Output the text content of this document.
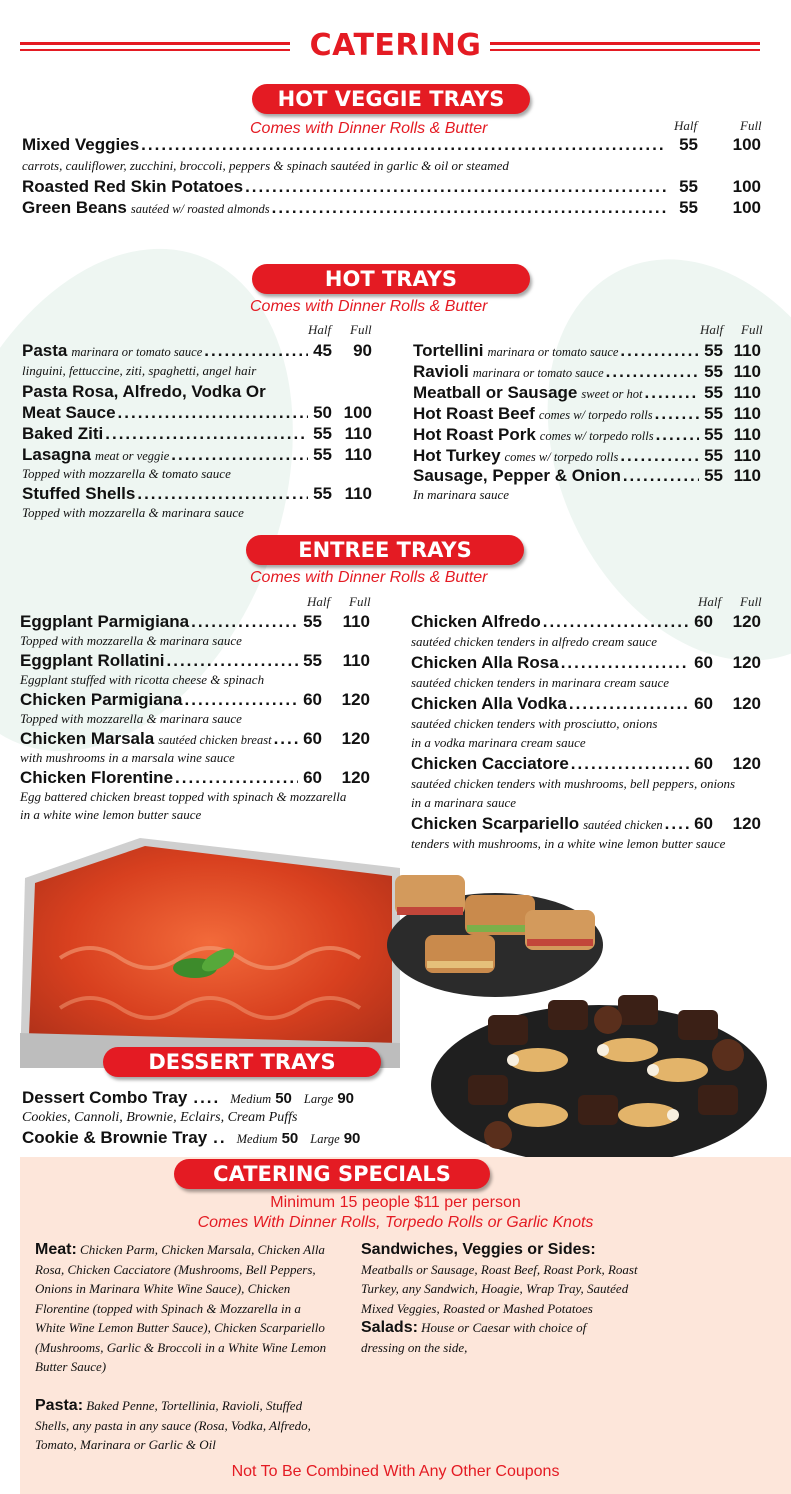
CATERING
HOT VEGGIE TRAYS
Comes with Dinner Rolls & Butter	Half	Full
Mixed Veggies .....	55	100
carrots, cauliflower, zucchini, broccoli, peppers & spinach sautéed in garlic & oil or steamed
Roasted Red Skin Potatoes .....	55	100
Green Beans sautéed w/ roasted almonds .....	55	100
HOT TRAYS
Comes with Dinner Rolls & Butter
Half Full	Half Full
Pasta marinara or tomato sauce .....	45	90
linguini, fettuccine, ziti, spaghetti, angel hair
Pasta Rosa, Alfredo, Vodka Or
Meat Sauce .....	50 100
Baked Ziti .....	55 110
Lasagna meat or veggie .....	55 110
Topped with mozzarella & tomato sauce
Stuffed Shells .....	55 110
Topped with mozzarella & marinara sauce
In marinara sauce
ENTREE TRAYS
Comes with Dinner Rolls & Butter
Half Full	Half Full
DESSERT TRAYS
Dessert Combo Tray .... Medium 50 Large 90
Cookies, Cannoli, Brownie, Eclairs, Cream Puffs
Cookie & Brownie Tray .. Medium 50 Large 90
CATERING SPECIALS
Minimum 15 people $11 per person
Comes With Dinner Rolls, Torpedo Rolls or Garlic Knots
Meat: Chicken Parm, Chicken Marsala, Chicken Alla Rosa, Chicken Cacciatore (Mushrooms, Bell Peppers, Onions in Marinara White Wine Sauce), Chicken Florentine (topped with Spinach & Mozzarella in a White Wine Lemon Butter Sauce), Chicken Scarpariello (Mushrooms, Garlic & Broccoli in a White Wine Lemon Butter Sauce)
Pasta: Baked Penne, Tortellinia, Ravioli, Stuffed Shells, any pasta in any sauce (Rosa, Vodka, Alfredo, Tomato, Marinara or Garlic & Oil
Sandwiches, Veggies or Sides:
Meatballs or Sausage, Roast Beef, Roast Pork, Roast Turkey, any Sandwich, Hoagie, Wrap Tray, Sautéed Mixed Veggies, Roasted or Mashed Potatoes
Salads: House or Caesar with choice of dressing on the side,
Not To Be Combined With Any Other Coupons
Tortellini marinara or tomato sauce .....	55 110
Ravioli marinara or tomato sauce .....	55 110
Meatball or Sausage sweet or hot .....	55 110
Hot Roast Beef comes w/ torpedo rolls .....	55 110
Hot Roast Pork comes w/ torpedo rolls .....	55 110
Hot Turkey comes w/ torpedo rolls .....	55 110
Sausage, Pepper & Onion .....	55 110
Eggplant Parmigiana .....	55	110
Topped with mozzarella & marinara sauce
Eggplant Rollatini .....	55	110
Eggplant stuffed with ricotta cheese & spinach
Chicken Parmigiana .....	60	120
Topped with mozzarella & marinara sauce
Chicken Marsala sautéed chicken breast ..... 60	120
with mushrooms in a marsala wine sauce
Chicken Florentine .....	60	120
Egg battered chicken breast topped with spinach & mozzarella
in a white wine lemon butter sauce
Chicken Alfredo .....	60	120
sautéed chicken tenders in alfredo cream sauce
Chicken Alla Rosa .....	60	120
sautéed chicken tenders in marinara cream sauce
Chicken Alla Vodka .....	60	120
sautéed chicken tenders with prosciutto, onions
in a vodka marinara cream sauce
Chicken Cacciatore .....	60	120
sautéed chicken tenders with mushrooms, bell peppers, onions
in a marinara sauce
Chicken Scarpariello sautéed chicken ..... 60	120
tenders with mushrooms, in a white wine lemon butter sauce
